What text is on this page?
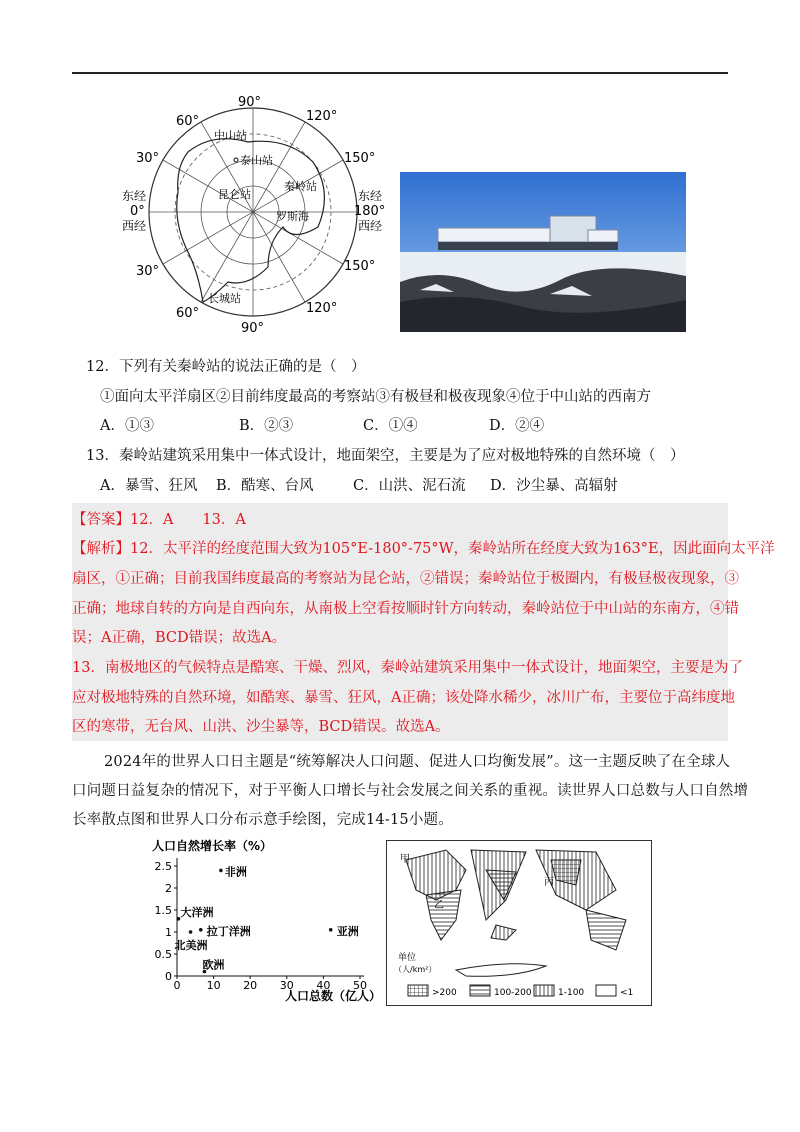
90°
120°
60°
150°
30°
东经
0°
西经
东经
180°
西经
30°	150°
60°	120°
90°
中山站
泰山站
昆仑站
秦岭站
罗斯海
长城站
12．下列有关秦岭站的说法正确的是（　）
①面向太平洋扇区②目前纬度最高的考察站③有极昼和极夜现象④位于中山站的西南方
A．①③	B．②③	C．①④	D．②④
13．秦岭站建筑采用集中一体式设计，地面架空，主要是为了应对极地特殊的自然环境（　）
A．暴雪、狂风 B．酷寒、台风	C．山洪、泥石流 D．沙尘暴、高辐射
【答案】12．A　　13．A
【解析】12．太平洋的经度范围大致为105°E-180°-75°W，秦岭站所在经度大致为163°E，因此面向太平洋
扇区，①正确；目前我国纬度最高的考察站为昆仑站，②错误；秦岭站位于极圈内，有极昼极夜现象，③
正确；地球自转的方向是自西向东，从南极上空看按顺时针方向转动，秦岭站位于中山站的东南方，④错
误；A正确，BCD错误；故选A。
13．南极地区的气候特点是酷寒、干燥、烈风，秦岭站建筑采用集中一体式设计，地面架空，主要是为了
应对极地特殊的自然环境，如酷寒、暴雪、狂风，A正确；该处降水稀少，冰川广布，主要位于高纬度地
区的寒带，无台风、山洪、沙尘暴等，BCD错误。故选A。
2024年的世界人口日主题是“统筹解决人口问题、促进人口均衡发展”。这一主题反映了在全球人
口问题日益复杂的情况下，对于平衡人口增长与社会发展之间关系的重视。读世界人口总数与人口自然增
长率散点图和世界人口分布示意手绘图，完成14-15小题。
人口自然增长率（%）
人口总数（亿人）
0 10 20 30 40 50
0
0.5
1
1.5
2
2.5	非洲
大洋洲
拉丁洋洲
北美洲
亚洲
欧洲
甲
乙
丙
单位
（人/km²）
>200	100-200	1-100	<1
